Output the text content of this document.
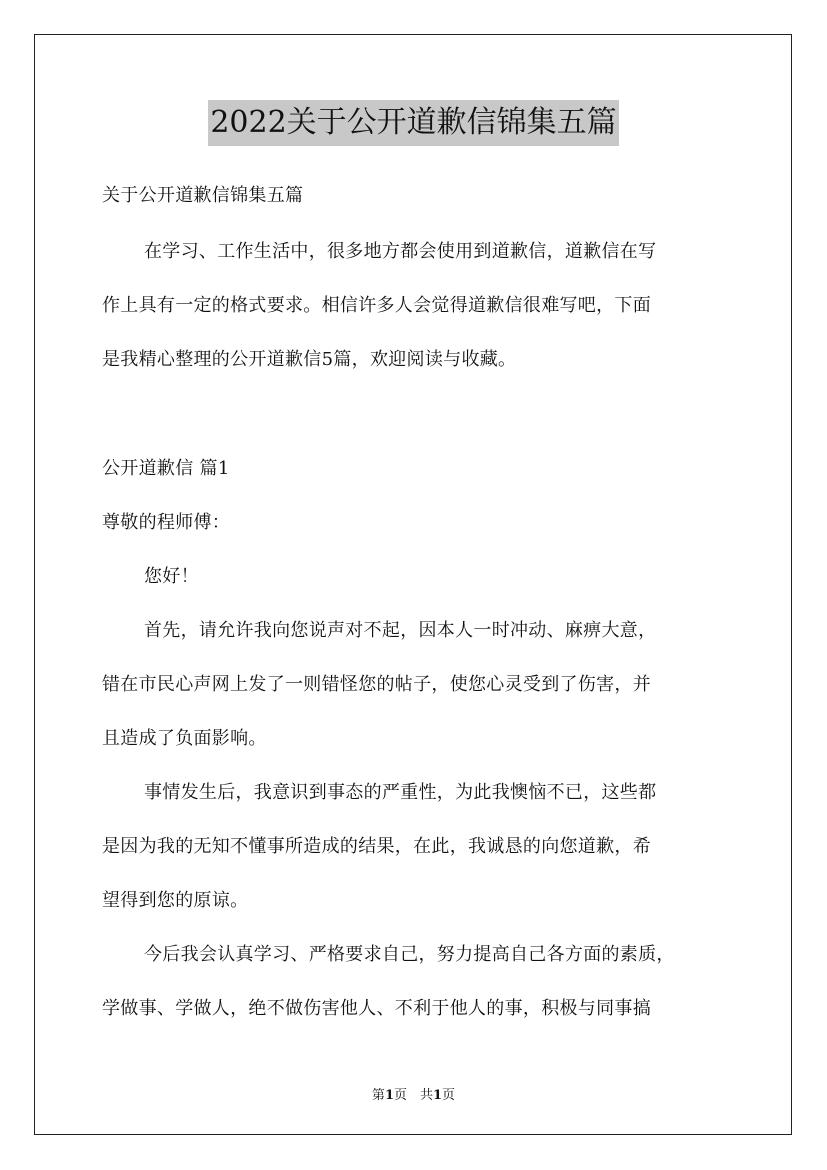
2022关于公开道歉信锦集五篇
关于公开道歉信锦集五篇
在学习、工作生活中，很多地方都会使用到道歉信，道歉信在写
作上具有一定的格式要求。相信许多人会觉得道歉信很难写吧，下面
是我精心整理的公开道歉信5篇，欢迎阅读与收藏。
公开道歉信 篇1
尊敬的程师傅：
您好！
首先，请允许我向您说声对不起，因本人一时冲动、麻痹大意，
错在市民心声网上发了一则错怪您的帖子，使您心灵受到了伤害，并
且造成了负面影响。
事情发生后，我意识到事态的严重性，为此我懊恼不已，这些都
是因为我的无知不懂事所造成的结果，在此，我诚恳的向您道歉，希
望得到您的原谅。
今后我会认真学习、严格要求自己，努力提高自己各方面的素质，
学做事、学做人，绝不做伤害他人、不利于他人的事，积极与同事搞
第1页　共1页
